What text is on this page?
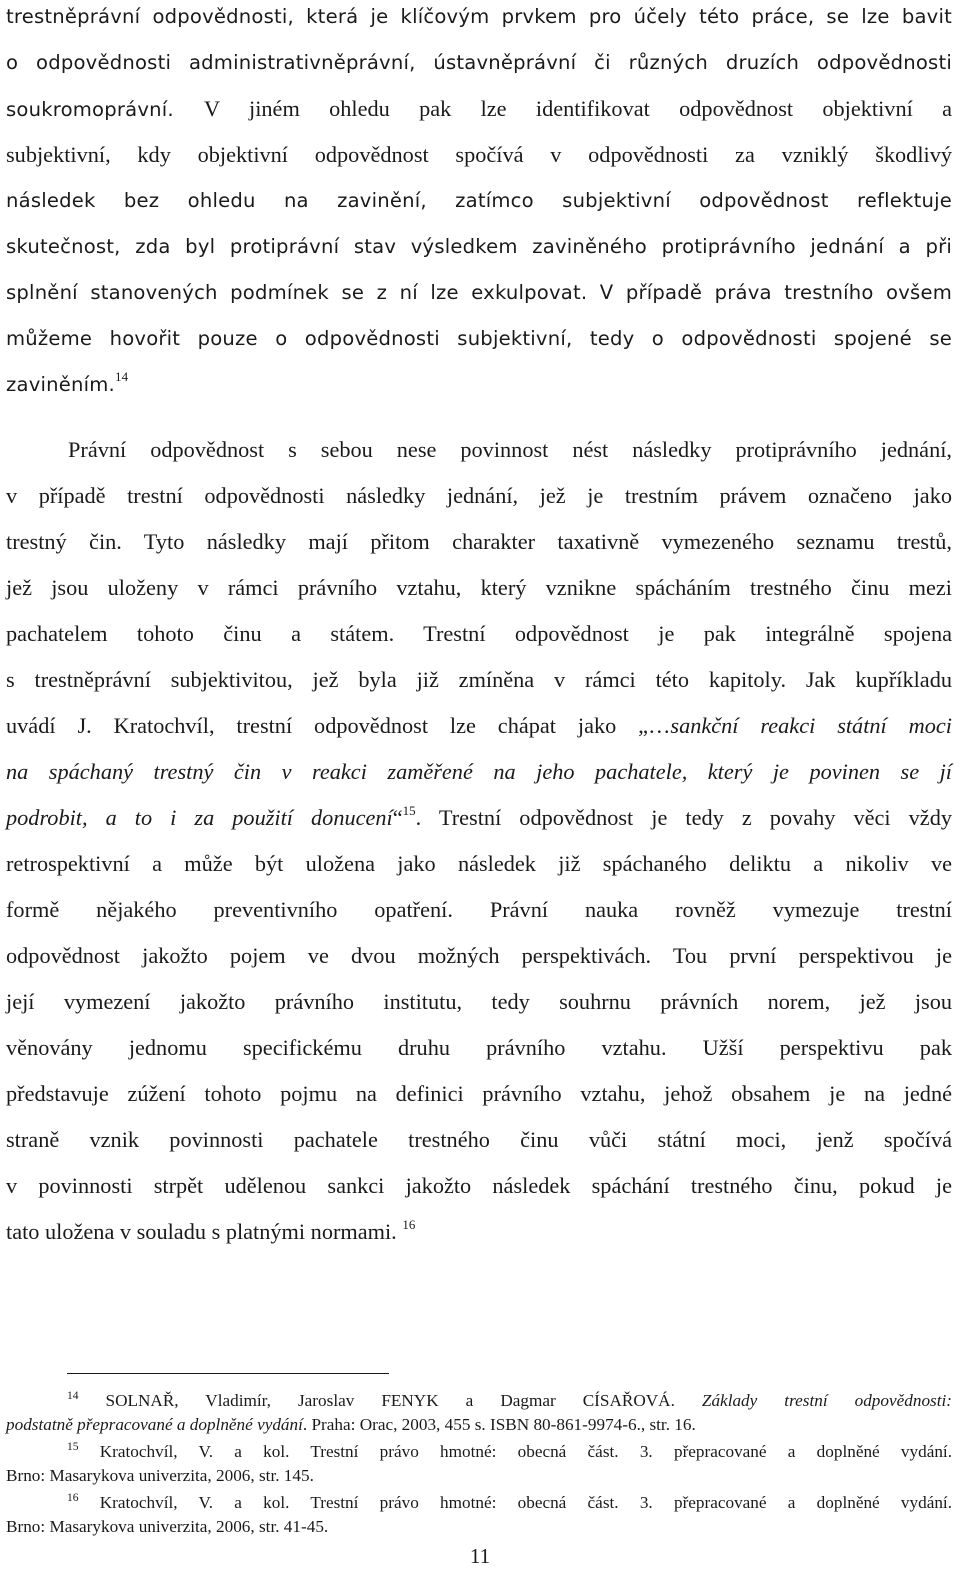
trestněprávní odpovědnosti, která je klíčovým prvkem pro účely této práce, se lze bavit
o odpovědnosti administrativněprávní, ústavněprávní či různých druzích odpovědnosti
soukromoprávní. V jiném ohledu pak lze identifikovat odpovědnost objektivní a
subjektivní, kdy objektivní odpovědnost spočívá v odpovědnosti za vzniklý škodlivý
následek bez ohledu na zavinění, zatímco subjektivní odpovědnost reflektuje
skutečnost, zda byl protiprávní stav výsledkem zaviněného protiprávního jednání a při
splnění stanovených podmínek se z ní lze exkulpovat. V případě práva trestního ovšem
můžeme hovořit pouze o odpovědnosti subjektivní, tedy o odpovědnosti spojené se
zaviněním.$^{14}$
Právní odpovědnost s sebou nese povinnost nést následky protiprávního jednání,
v případě trestní odpovědnosti následky jednání, jež je trestním právem označeno jako
trestný čin. Tyto následky mají přitom charakter taxativně vymezeného seznamu trestů,
jež jsou uloženy v rámci právního vztahu, který vznikne spácháním trestného činu mezi
pachatelem tohoto činu a státem. Trestní odpovědnost je pak integrálně spojena
s trestněprávní subjektivitou, jež byla již zmíněna v rámci této kapitoly. Jak kupříkladu
uvádí J. Kratochvíl, trestní odpovědnost lze chápat jako „…sankční reakci státní moci
na spáchaný trestný čin v reakci zaměřené na jeho pachatele, který je povinen se jí
podrobit, a to i za použití donucení“$^{15}$. Trestní odpovědnost je tedy z povahy věci vždy
retrospektivní a může být uložena jako následek již spáchaného deliktu a nikoliv ve
formě nějakého preventivního opatření. Právní nauka rovněž vymezuje trestní
odpovědnost jakožto pojem ve dvou možných perspektivách. Tou první perspektivou je
její vymezení jakožto právního institutu, tedy souhrnu právních norem, jež jsou
věnovány jednomu specifickému druhu právního vztahu. Užší perspektivu pak
představuje zúžení tohoto pojmu na definici právního vztahu, jehož obsahem je na jedné
straně vznik povinnosti pachatele trestného činu vůči státní moci, jenž spočívá
v povinnosti strpět udělenou sankci jakožto následek spáchání trestného činu, pokud je
tato uložena v souladu s platnými normami. $^{16}$
$^{14}$ SOLNAŘ, Vladimír, Jaroslav FENYK a Dagmar CÍSAŘOVÁ. Základy trestní odpovědnosti:
podstatně přepracované a doplněné vydání. Praha: Orac, 2003, 455 s. ISBN 80-861-9974-6., str. 16.
$^{15}$ Kratochvíl, V. a kol. Trestní právo hmotné: obecná část. 3. přepracované a doplněné vydání.
Brno: Masarykova univerzita, 2006, str. 145.
$^{16}$ Kratochvíl, V. a kol. Trestní právo hmotné: obecná část. 3. přepracované a doplněné vydání.
Brno: Masarykova univerzita, 2006, str. 41-45.
11
